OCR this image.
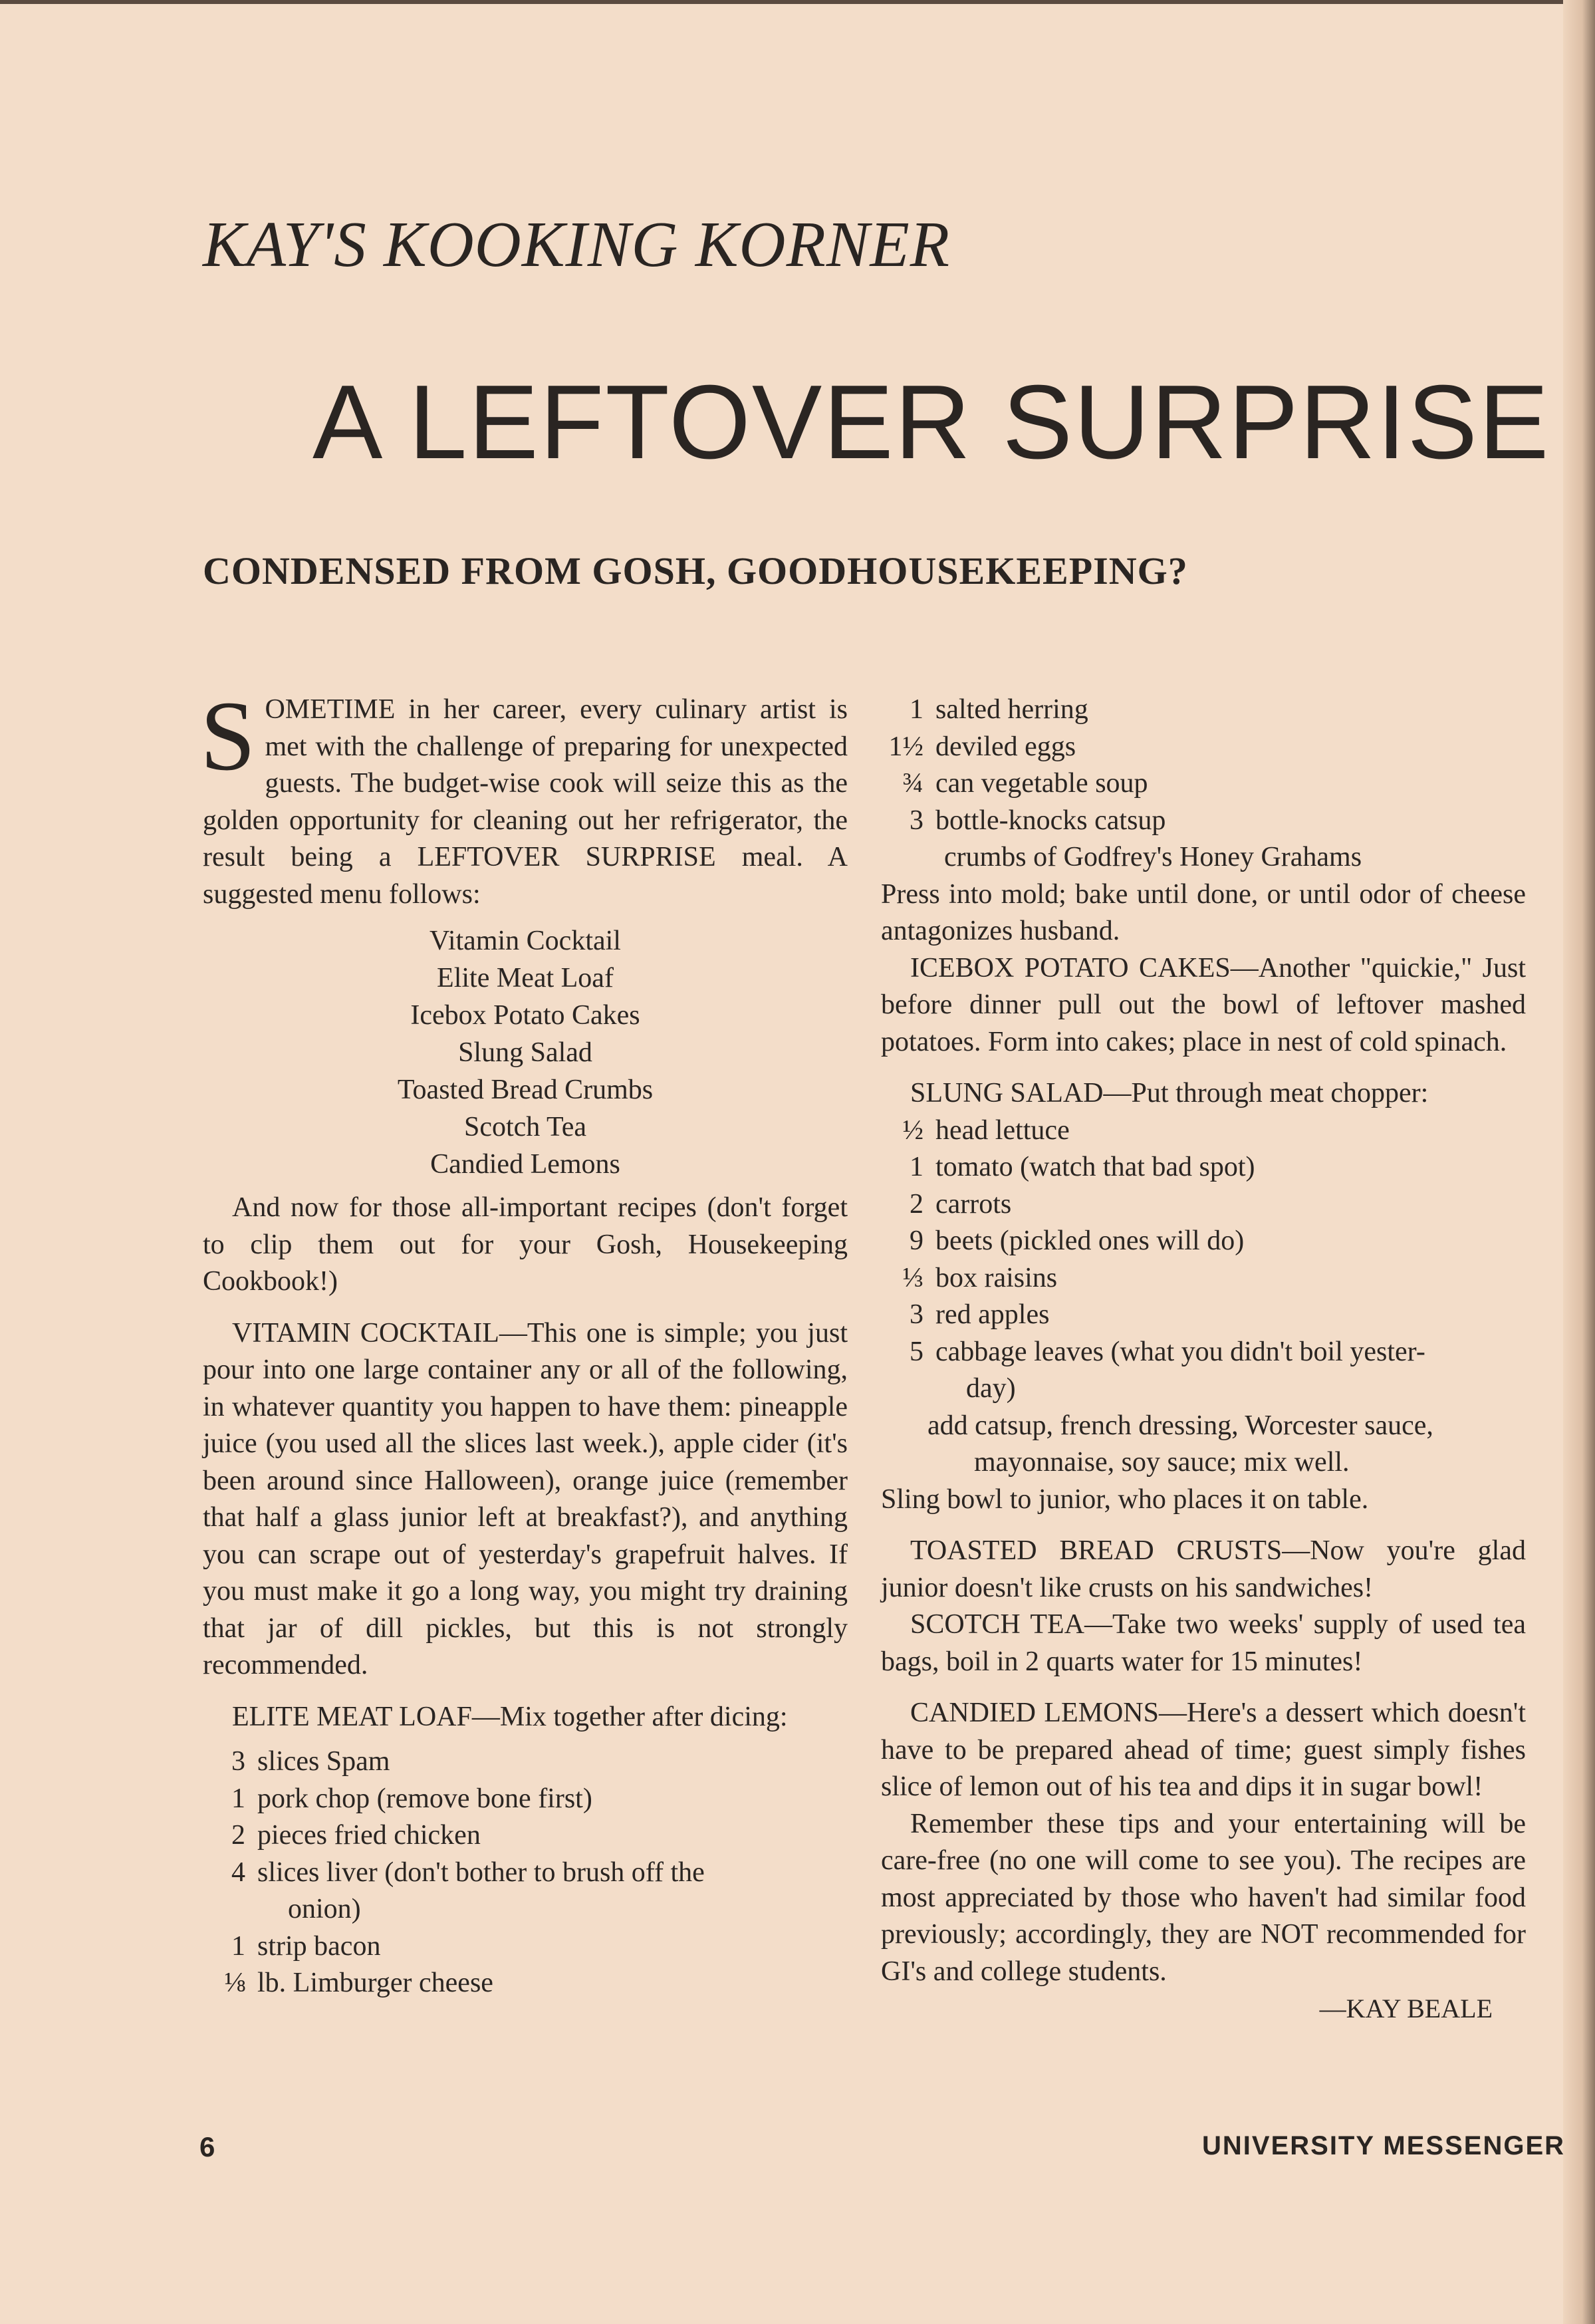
KAY'S KOOKING KORNER
A LEFTOVER SURPRISE
CONDENSED FROM GOSH, GOODHOUSEKEEPING?

SOMETIME in her career, every culinary artist is met with the challenge of preparing for unexpected guests. The budget-wise cook will seize this as the golden opportunity for cleaning out her refrigerator, the result being a LEFTOVER SURPRISE meal. A suggested menu follows:

Vitamin Cocktail
Elite Meat Loaf
Icebox Potato Cakes
Slung Salad
Toasted Bread Crumbs
Scotch Tea
Candied Lemons

And now for those all-important recipes (don't forget to clip them out for your Gosh, Housekeeping Cookbook!)

VITAMIN COCKTAIL—This one is simple; you just pour into one large container any or all of the following, in whatever quantity you happen to have them: pineapple juice (you used all the slices last week.), apple cider (it's been around since Halloween), orange juice (remember that half a glass junior left at breakfast?), and anything you can scrape out of yesterday's grapefruit halves. If you must make it go a long way, you might try draining that jar of dill pickles, but this is not strongly recommended.

ELITE MEAT LOAF—Mix together after dicing:

3 slices Spam
1 pork chop (remove bone first)
2 pieces fried chicken
4 slices liver (don't bother to brush off the
onion)
1 strip bacon
⅛ lb. Limburger cheese
1 salted herring
1½ deviled eggs
¾ can vegetable soup
3 bottle-knocks catsup
crumbs of Godfrey's Honey Grahams

Press into mold; bake until done, or until odor of cheese antagonizes husband.

ICEBOX POTATO CAKES—Another "quickie," Just before dinner pull out the bowl of leftover mashed potatoes. Form into cakes; place in nest of cold spinach.

SLUNG SALAD—Put through meat chopper:

½ head lettuce
1 tomato (watch that bad spot)
2 carrots
9 beets (pickled ones will do)
⅓ box raisins
3 red apples
5 cabbage leaves (what you didn't boil yester-
day)
add catsup, french dressing, Worcester sauce,
mayonnaise, soy sauce; mix well.

Sling bowl to junior, who places it on table.

TOASTED BREAD CRUSTS—Now you're glad junior doesn't like crusts on his sandwiches!

SCOTCH TEA—Take two weeks' supply of used tea bags, boil in 2 quarts water for 15 minutes!

CANDIED LEMONS—Here's a dessert which doesn't have to be prepared ahead of time; guest simply fishes slice of lemon out of his tea and dips it in sugar bowl!

Remember these tips and your entertaining will be care-free (no one will come to see you). The recipes are most appreciated by those who haven't had similar food previously; accordingly, they are NOT recommended for GI's and college students.

—KAY BEALE
6	UNIVERSITY MESSENGER
